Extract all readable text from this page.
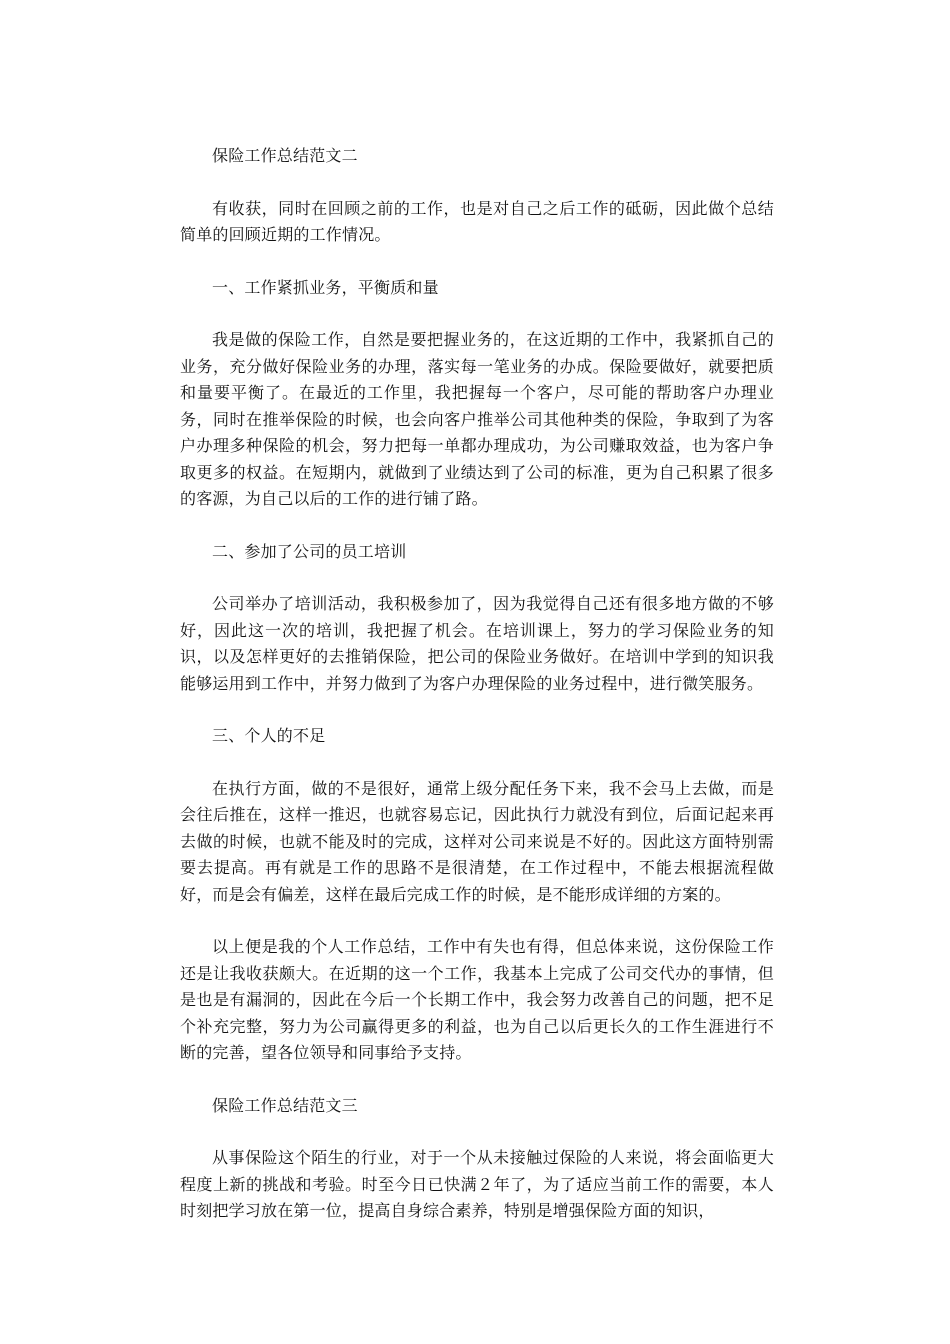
保险工作总结范文二

有收获，同时在回顾之前的工作，也是对自己之后工作的砥砺，因此做个总结简单的回顾近期的工作情况。

一、工作紧抓业务，平衡质和量

我是做的保险工作，自然是要把握业务的，在这近期的工作中，我紧抓自己的业务，充分做好保险业务的办理，落实每一笔业务的办成。保险要做好，就要把质和量要平衡了。在最近的工作里，我把握每一个客户，尽可能的帮助客户办理业务，同时在推举保险的时候，也会向客户推举公司其他种类的保险，争取到了为客户办理多种保险的机会，努力把每一单都办理成功，为公司赚取效益，也为客户争取更多的权益。在短期内，就做到了业绩达到了公司的标准，更为自己积累了很多的客源，为自己以后的工作的进行铺了路。

二、参加了公司的员工培训

公司举办了培训活动，我积极参加了，因为我觉得自己还有很多地方做的不够好，因此这一次的培训，我把握了机会。在培训课上，努力的学习保险业务的知识，以及怎样更好的去推销保险，把公司的保险业务做好。在培训中学到的知识我能够运用到工作中，并努力做到了为客户办理保险的业务过程中，进行微笑服务。

三、个人的不足

在执行方面，做的不是很好，通常上级分配任务下来，我不会马上去做，而是会往后推在，这样一推迟，也就容易忘记，因此执行力就没有到位，后面记起来再去做的时候，也就不能及时的完成，这样对公司来说是不好的。因此这方面特别需要去提高。再有就是工作的思路不是很清楚，在工作过程中，不能去根据流程做好，而是会有偏差，这样在最后完成工作的时候，是不能形成详细的方案的。

以上便是我的个人工作总结，工作中有失也有得，但总体来说，这份保险工作还是让我收获颇大。在近期的这一个工作，我基本上完成了公司交代办的事情，但是也是有漏洞的，因此在今后一个长期工作中，我会努力改善自己的问题，把不足个补充完整，努力为公司赢得更多的利益，也为自己以后更长久的工作生涯进行不断的完善，望各位领导和同事给予支持。

保险工作总结范文三

从事保险这个陌生的行业，对于一个从未接触过保险的人来说，将会面临更大程度上新的挑战和考验。时至今日已快满２年了，为了适应当前工作的需要，本人时刻把学习放在第一位，提高自身综合素养，特别是增强保险方面的知识，
